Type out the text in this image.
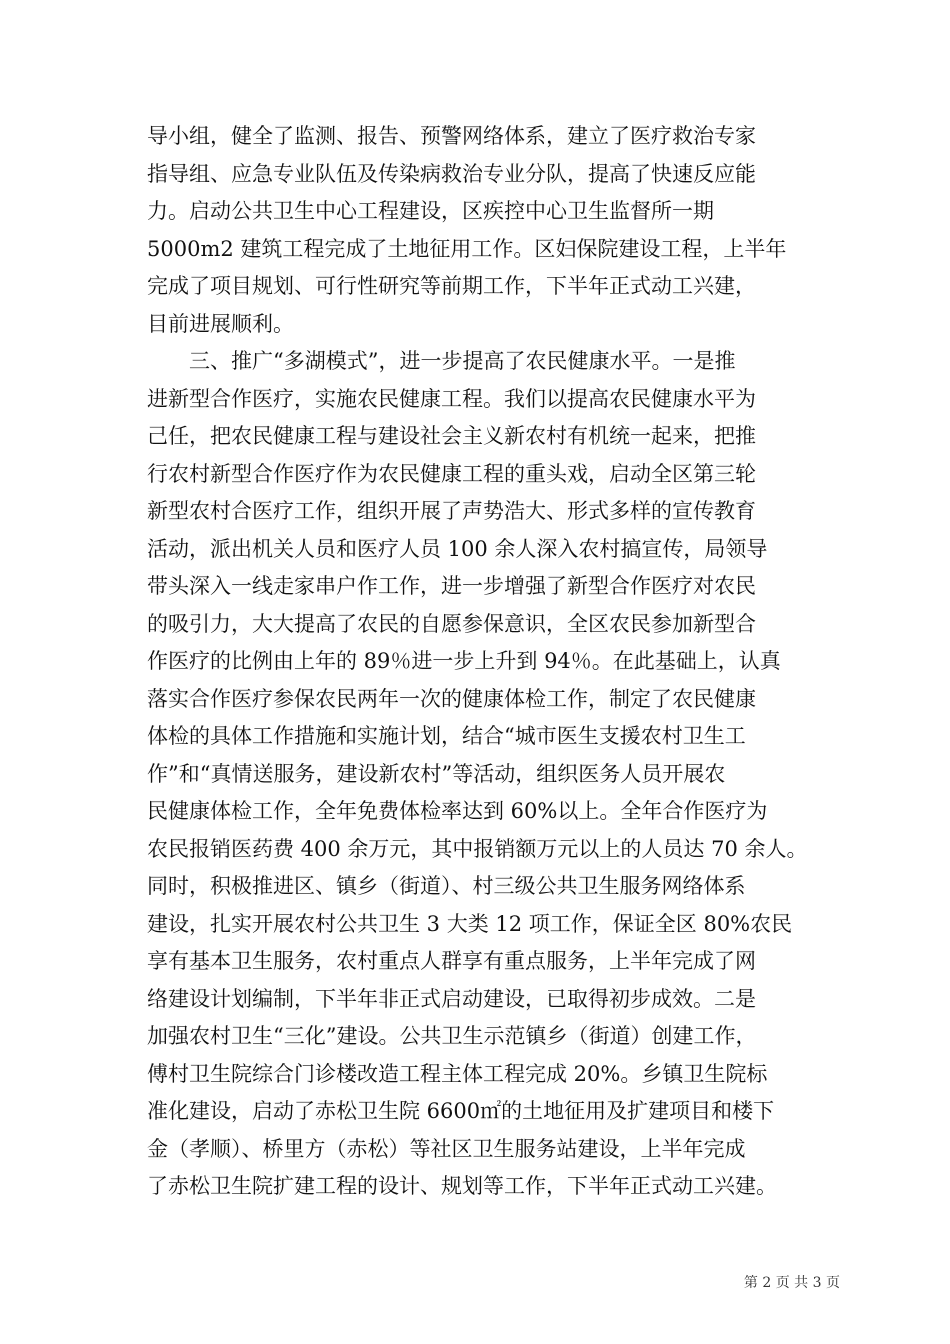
导小组，健全了监测、报告、预警网络体系，建立了医疗救治专家
指导组、应急专业队伍及传染病救治专业分队，提高了快速反应能
力。启动公共卫生中心工程建设，区疾控中心卫生监督所一期
5000m2 建筑工程完成了土地征用工作。区妇保院建设工程，上半年
完成了项目规划、可行性研究等前期工作，下半年正式动工兴建，
目前进展顺利。
三、推广“多湖模式”，进一步提高了农民健康水平。一是推
进新型合作医疗，实施农民健康工程。我们以提高农民健康水平为
己任，把农民健康工程与建设社会主义新农村有机统一起来，把推
行农村新型合作医疗作为农民健康工程的重头戏，启动全区第三轮
新型农村合医疗工作，组织开展了声势浩大、形式多样的宣传教育
活动，派出机关人员和医疗人员 100 余人深入农村搞宣传，局领导
带头深入一线走家串户作工作，进一步增强了新型合作医疗对农民
的吸引力，大大提高了农民的自愿参保意识，全区农民参加新型合
作医疗的比例由上年的 89％进一步上升到 94％。在此基础上，认真
落实合作医疗参保农民两年一次的健康体检工作，制定了农民健康
体检的具体工作措施和实施计划，结合“城市医生支援农村卫生工
作”和“真情送服务，建设新农村”等活动，组织医务人员开展农
民健康体检工作，全年免费体检率达到 60%以上。全年合作医疗为
农民报销医药费 400 余万元，其中报销额万元以上的人员达 70 余人。
同时，积极推进区、镇乡（街道）、村三级公共卫生服务网络体系
建设，扎实开展农村公共卫生 3 大类 12 项工作，保证全区 80%农民
享有基本卫生服务，农村重点人群享有重点服务，上半年完成了网
络建设计划编制，下半年非正式启动建设，已取得初步成效。二是
加强农村卫生“三化”建设。公共卫生示范镇乡（街道）创建工作，
傅村卫生院综合门诊楼改造工程主体工程完成 20%。乡镇卫生院标
准化建设，启动了赤松卫生院 6600㎡的土地征用及扩建项目和楼下
金（孝顺）、桥里方（赤松）等社区卫生服务站建设，上半年完成
了赤松卫生院扩建工程的设计、规划等工作，下半年正式动工兴建。
第 2 页 共 3 页
